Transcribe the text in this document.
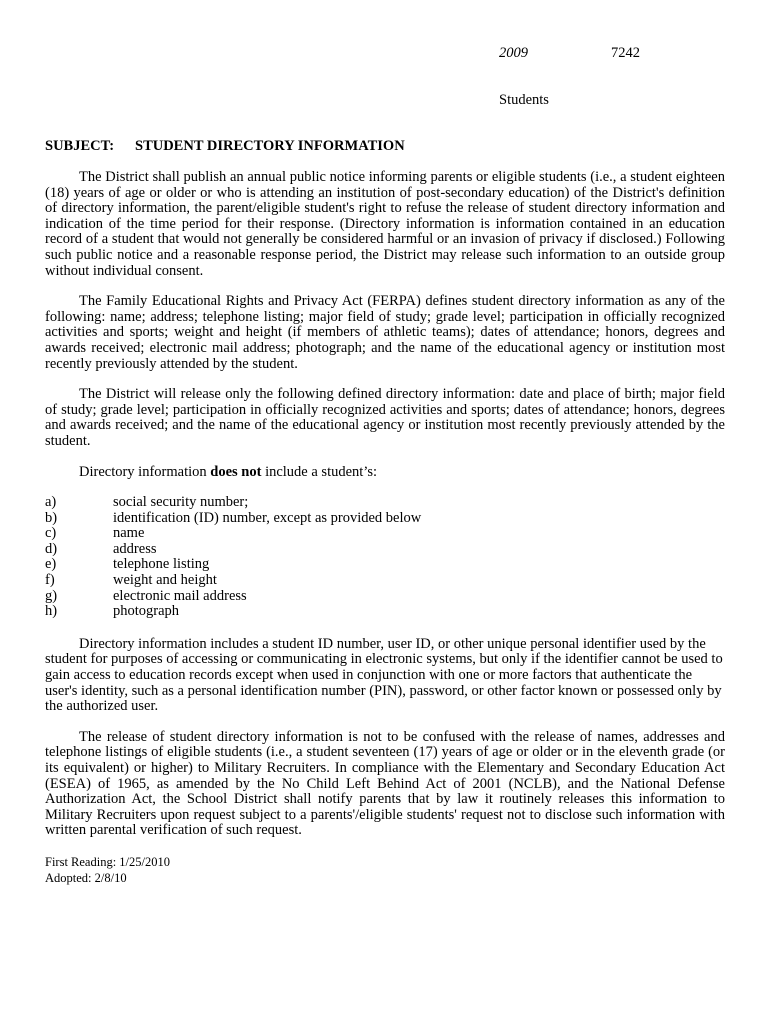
2009	7242
Students
SUBJECT: STUDENT DIRECTORY INFORMATION

The District shall publish an annual public notice informing parents or eligible students (i.e., a student eighteen (18) years of age or older or who is attending an institution of post-secondary education) of the District's definition of directory information, the parent/eligible student's right to refuse the release of student directory information and indication of the time period for their response. (Directory information is information contained in an education record of a student that would not generally be considered harmful or an invasion of privacy if disclosed.) Following such public notice and a reasonable response period, the District may release such information to an outside group without individual consent.

The Family Educational Rights and Privacy Act (FERPA) defines student directory information as any of the following: name; address; telephone listing; major field of study; grade level; participation in officially recognized activities and sports; weight and height (if members of athletic teams); dates of attendance; honors, degrees and awards received; electronic mail address; photograph; and the name of the educational agency or institution most recently previously attended by the student.

The District will release only the following defined directory information: date and place of birth; major field of study; grade level; participation in officially recognized activities and sports; dates of attendance; honors, degrees and awards received; and the name of the educational agency or institution most recently previously attended by the student.

Directory information does not include a student’s:

a)	social security number;
b)	identification (ID) number, except as provided below
c)	name
d)	address
e)	telephone listing
f)	weight and height
g)	electronic mail address
h)	photograph

Directory information includes a student ID number, user ID, or other unique personal identifier used by the student for purposes of accessing or communicating in electronic systems, but only if the identifier cannot be used to gain access to education records except when used in conjunction with one or more factors that authenticate the user's identity, such as a personal identification number (PIN), password, or other factor known or possessed only by the authorized user.

The release of student directory information is not to be confused with the release of names, addresses and telephone listings of eligible students (i.e., a student seventeen (17) years of age or older or in the eleventh grade (or its equivalent) or higher) to Military Recruiters. In compliance with the Elementary and Secondary Education Act (ESEA) of 1965, as amended by the No Child Left Behind Act of 2001 (NCLB), and the National Defense Authorization Act, the School District shall notify parents that by law it routinely releases this information to Military Recruiters upon request subject to a parents'/eligible students' request not to disclose such information with written parental verification of such request.

First Reading: 1/25/2010
Adopted: 2/8/10
